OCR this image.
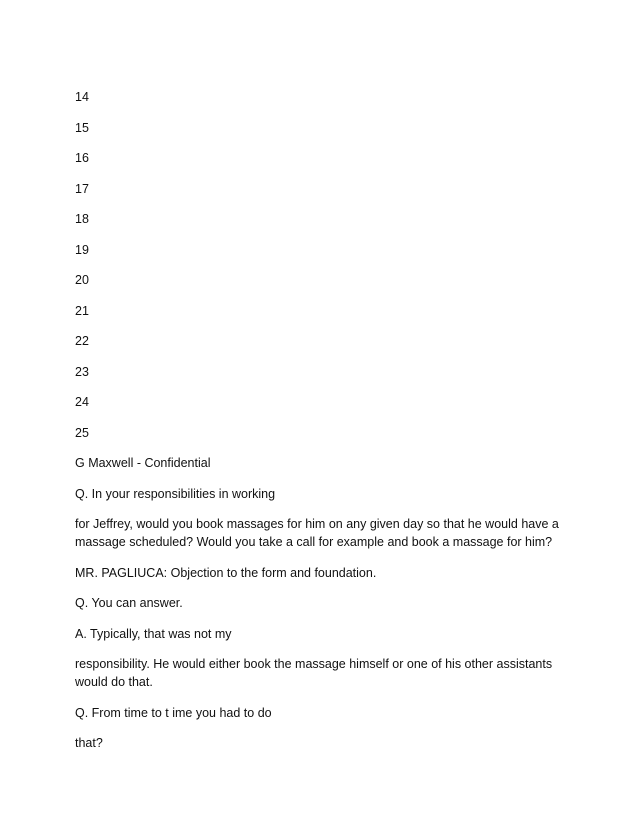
14
15
16
17
18
19
20
21
22
23
24
25
G Maxwell - Confidential
Q. In your responsibilities in working
for Jeffrey, would you book massages for him on any given day so that he would have a massage scheduled? Would you take a call for example and book a massage for him?
MR. PAGLIUCA: Objection to the form and foundation.
Q. You can answer.
A. Typically, that was not my
responsibility. He would either book the massage himself or one of his other assistants would do that.
Q. From time to t ime you had to do
that?
